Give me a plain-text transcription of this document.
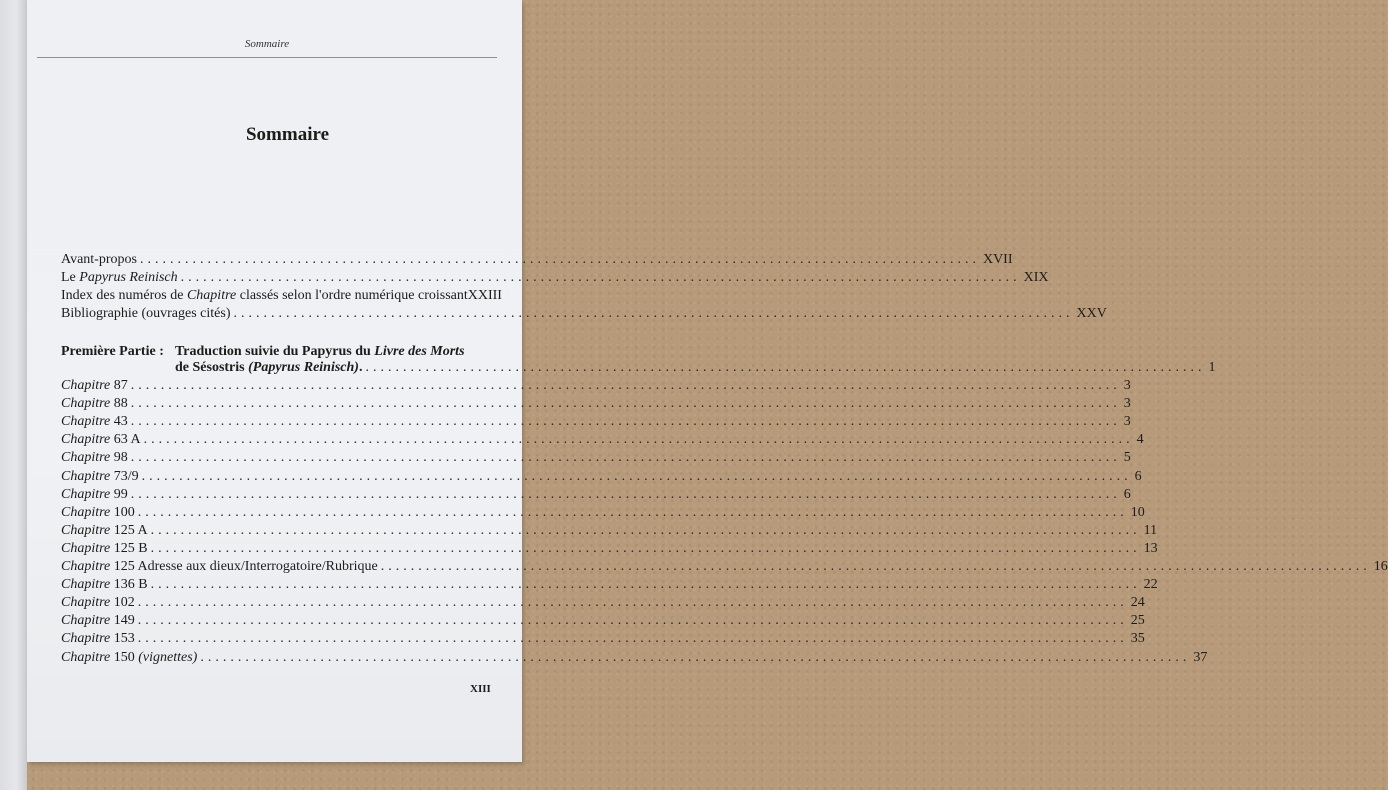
Sommaire
Sommaire
Avant-propos ................................................................................................................ XVII
Le Papyrus Reinisch ................................................................................................................ XIX
Index des numéros de Chapitre classés selon l'ordre numérique croissant XXIII
Bibliographie (ouvrages cités) ................................................................................................................ XXV
Première Partie : Traduction suivie du Papyrus du Livre des Morts
de Sésostris (Papyrus Reinisch). ................................................................................................................ 1
Chapitre 87 .................................................................................................................................... 3
Chapitre 88 .................................................................................................................................... 3
Chapitre 43 .................................................................................................................................... 3
Chapitre 63 A .................................................................................................................................... 4
Chapitre 98 .................................................................................................................................... 5
Chapitre 73/9 .................................................................................................................................... 6
Chapitre 99 .................................................................................................................................... 6
Chapitre 100 .................................................................................................................................... 10
Chapitre 125 A .................................................................................................................................... 11
Chapitre 125 B .................................................................................................................................... 13
Chapitre 125 Adresse aux dieux/Interrogatoire/Rubrique .................................................................................................................................... 16
Chapitre 136 B .................................................................................................................................... 22
Chapitre 102 .................................................................................................................................... 24
Chapitre 149 .................................................................................................................................... 25
Chapitre 153 .................................................................................................................................... 35
Chapitre 150 (vignettes) .................................................................................................................................... 37
XIII
